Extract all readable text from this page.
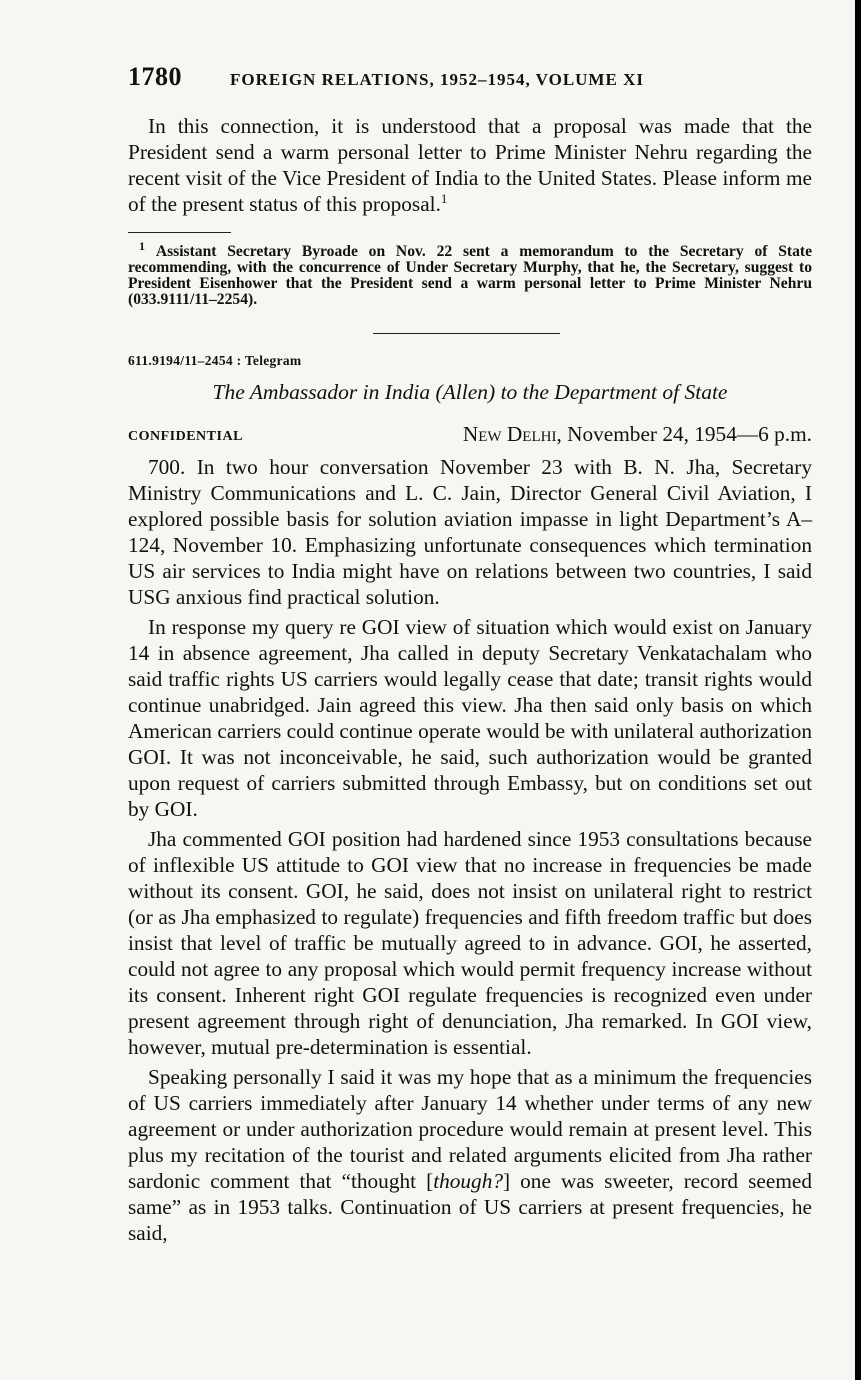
1780	FOREIGN RELATIONS, 1952–1954, VOLUME XI

In this connection, it is understood that a proposal was made that the President send a warm personal letter to Prime Minister Nehru regarding the recent visit of the Vice President of India to the United States. Please inform me of the present status of this proposal.$^1$

$^1$ Assistant Secretary Byroade on Nov. 22 sent a memorandum to the Secretary of State recommending, with the concurrence of Under Secretary Murphy, that he, the Secretary, suggest to President Eisenhower that the President send a warm personal letter to Prime Minister Nehru (033.9111/11–2254).

611.9194/11–2454 : Telegram
The Ambassador in India (Allen) to the Department of State
CONFIDENTIAL	New Delhi, November 24, 1954—6 p.m.

700. In two hour conversation November 23 with B. N. Jha, Secretary Ministry Communications and L. C. Jain, Director General Civil Aviation, I explored possible basis for solution aviation impasse in light Department’s A–124, November 10. Emphasizing unfortunate consequences which termination US air services to India might have on relations between two countries, I said USG anxious find practical solution.

In response my query re GOI view of situation which would exist on January 14 in absence agreement, Jha called in deputy Secretary Venkatachalam who said traffic rights US carriers would legally cease that date; transit rights would continue unabridged. Jain agreed this view. Jha then said only basis on which American carriers could continue operate would be with unilateral authorization GOI. It was not inconceivable, he said, such authorization would be granted upon request of carriers submitted through Embassy, but on conditions set out by GOI.

Jha commented GOI position had hardened since 1953 consultations because of inflexible US attitude to GOI view that no increase in frequencies be made without its consent. GOI, he said, does not insist on unilateral right to restrict (or as Jha emphasized to regulate) frequencies and fifth freedom traffic but does insist that level of traffic be mutually agreed to in advance. GOI, he asserted, could not agree to any proposal which would permit frequency increase without its consent. Inherent right GOI regulate frequencies is recognized even under present agreement through right of denunciation, Jha remarked. In GOI view, however, mutual pre-determination is essential.

Speaking personally I said it was my hope that as a minimum the frequencies of US carriers immediately after January 14 whether under terms of any new agreement or under authorization procedure would remain at present level. This plus my recitation of the tourist and related arguments elicited from Jha rather sardonic comment that “thought [though?] one was sweeter, record seemed same” as in 1953 talks. Continuation of US carriers at present frequencies, he said,
